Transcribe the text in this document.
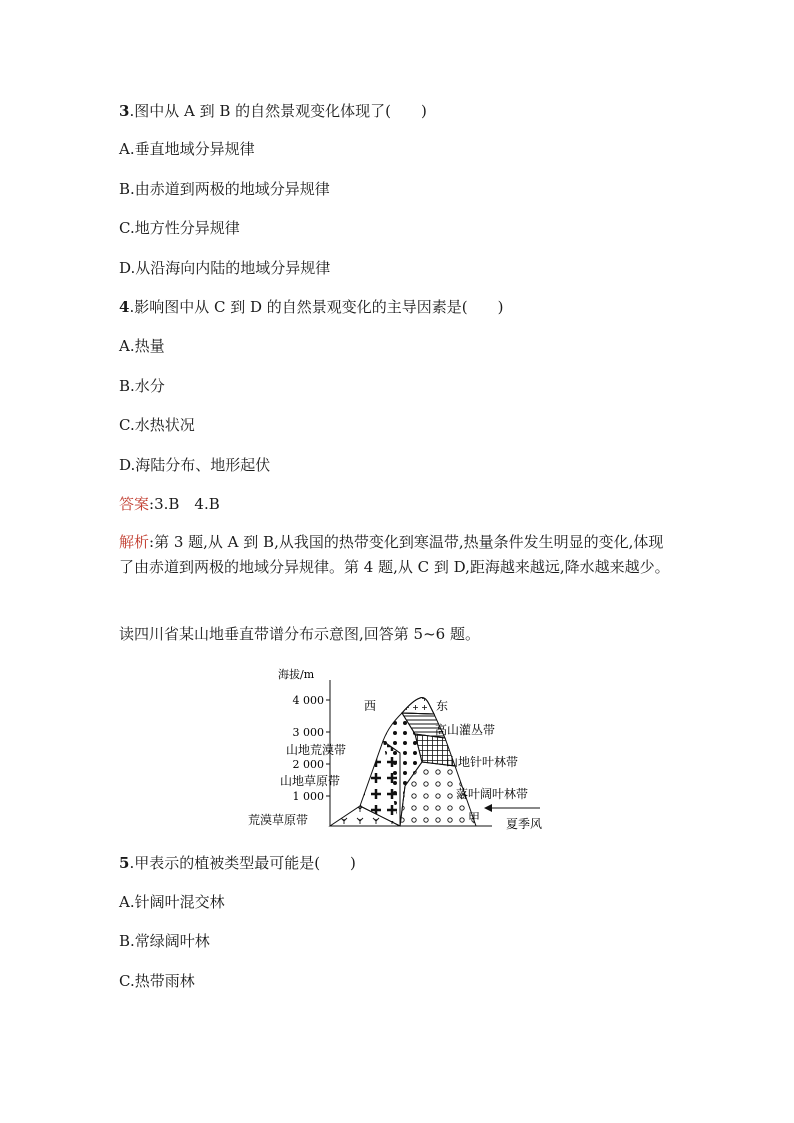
3.图中从 A 到 B 的自然景观变化体现了(　　)
A.垂直地域分异规律
B.由赤道到两极的地域分异规律
C.地方性分异规律
D.从沿海向内陆的地域分异规律
4.影响图中从 C 到 D 的自然景观变化的主导因素是(　　)
A.热量
B.水分
C.水热状况
D.海陆分布、地形起伏
答案:3.B　4.B
解析:第 3 题,从 A 到 B,从我国的热带变化到寒温带,热量条件发生明显的变化,体现了由赤道到两极的地域分异规律。第 4 题,从 C 到 D,距海越来越远,降水越来越少。
读四川省某山地垂直带谱分布示意图,回答第 5~6 题。
海拔/m
4 000
3 000
2 000
1 000
西	东
山地荒漠带
山地草原带
荒漠草原带
高山灌丛带
山地针叶林带
落叶阔叶林带
甲 夏季风
5.甲表示的植被类型最可能是(　　)
A.针阔叶混交林
B.常绿阔叶林
C.热带雨林
